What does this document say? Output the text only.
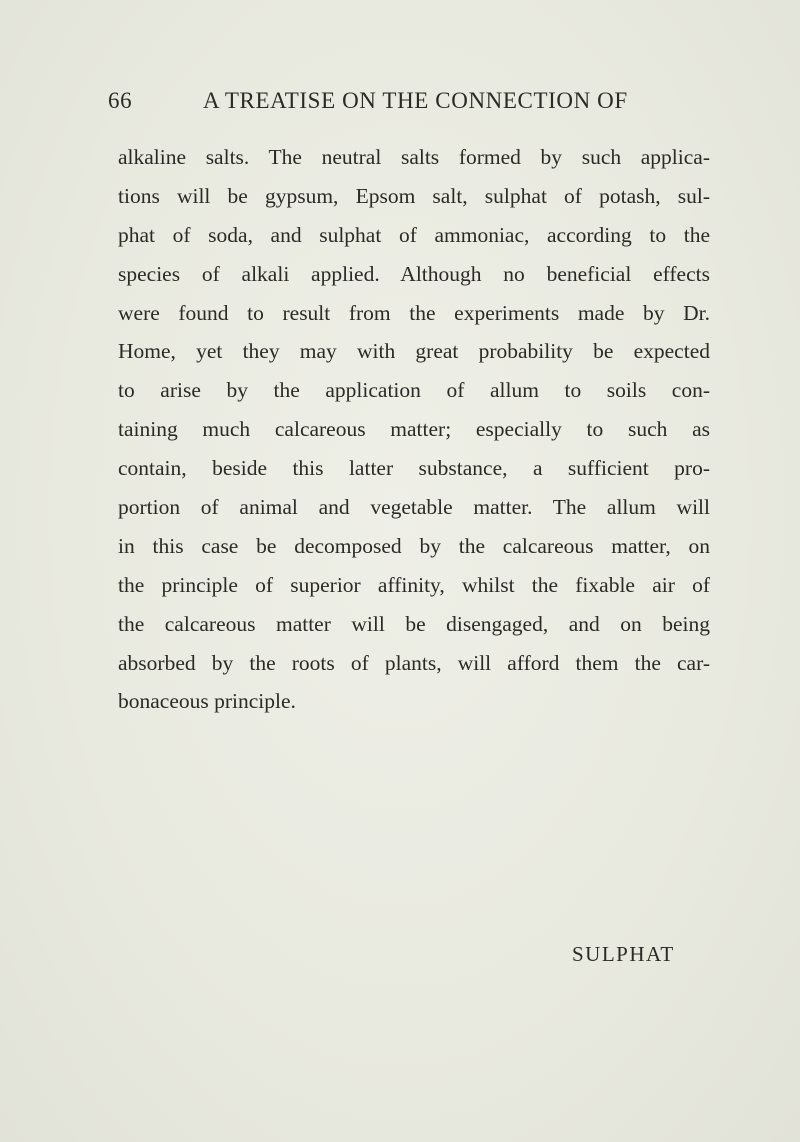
66	A TREATISE ON THE CONNECTION OF

alkaline salts. The neutral salts formed by such applica-
tions will be gypsum, Epsom salt, sulphat of potash, sul-
phat of soda, and sulphat of ammoniac, according to the
species of alkali applied. Although no beneficial effects
were found to result from the experiments made by Dr.
Home, yet they may with great probability be expected
to arise by the application of allum to soils con-
taining much calcareous matter; especially to such as
contain, beside this latter substance, a sufficient pro-
portion of animal and vegetable matter. The allum will
in this case be decomposed by the calcareous matter, on
the principle of superior affinity, whilst the fixable air of
the calcareous matter will be disengaged, and on being
absorbed by the roots of plants, will afford them the car-
bonaceous principle.

SULPHAT
